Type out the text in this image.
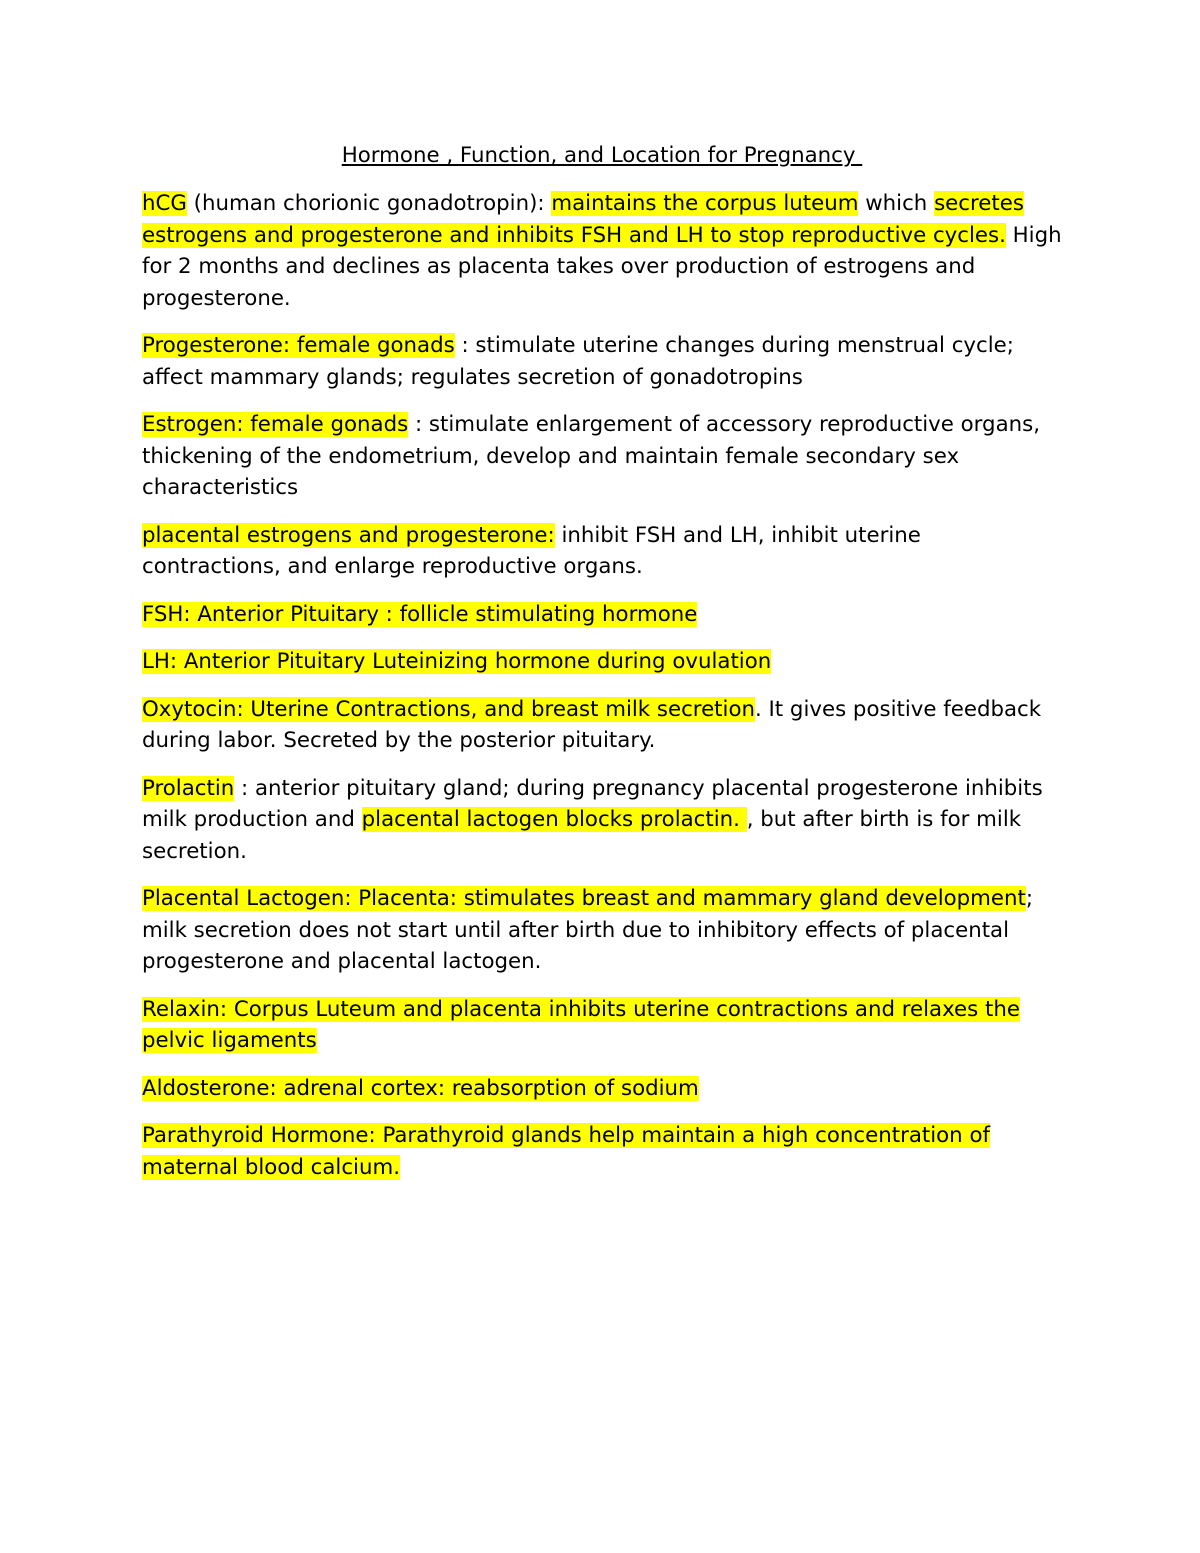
Hormone , Function, and Location for Pregnancy

hCG (human chorionic gonadotropin): maintains the corpus luteum which secretes estrogens and progesterone and inhibits FSH and LH to stop reproductive cycles. High for 2 months and declines as placenta takes over production of estrogens and progesterone.

Progesterone: female gonads : stimulate uterine changes during menstrual cycle; affect mammary glands; regulates secretion of gonadotropins

Estrogen: female gonads : stimulate enlargement of accessory reproductive organs, thickening of the endometrium, develop and maintain female secondary sex characteristics

placental estrogens and progesterone: inhibit FSH and LH, inhibit uterine contractions, and enlarge reproductive organs.

FSH: Anterior Pituitary : follicle stimulating hormone

LH: Anterior Pituitary Luteinizing hormone during ovulation

Oxytocin: Uterine Contractions, and breast milk secretion. It gives positive feedback during labor. Secreted by the posterior pituitary.

Prolactin : anterior pituitary gland; during pregnancy placental progesterone inhibits milk production and placental lactogen blocks prolactin. , but after birth is for milk secretion.

Placental Lactogen: Placenta: stimulates breast and mammary gland development; milk secretion does not start until after birth due to inhibitory effects of placental progesterone and placental lactogen.

Relaxin: Corpus Luteum and placenta inhibits uterine contractions and relaxes the pelvic ligaments

Aldosterone: adrenal cortex: reabsorption of sodium

Parathyroid Hormone: Parathyroid glands help maintain a high concentration of maternal blood calcium.
